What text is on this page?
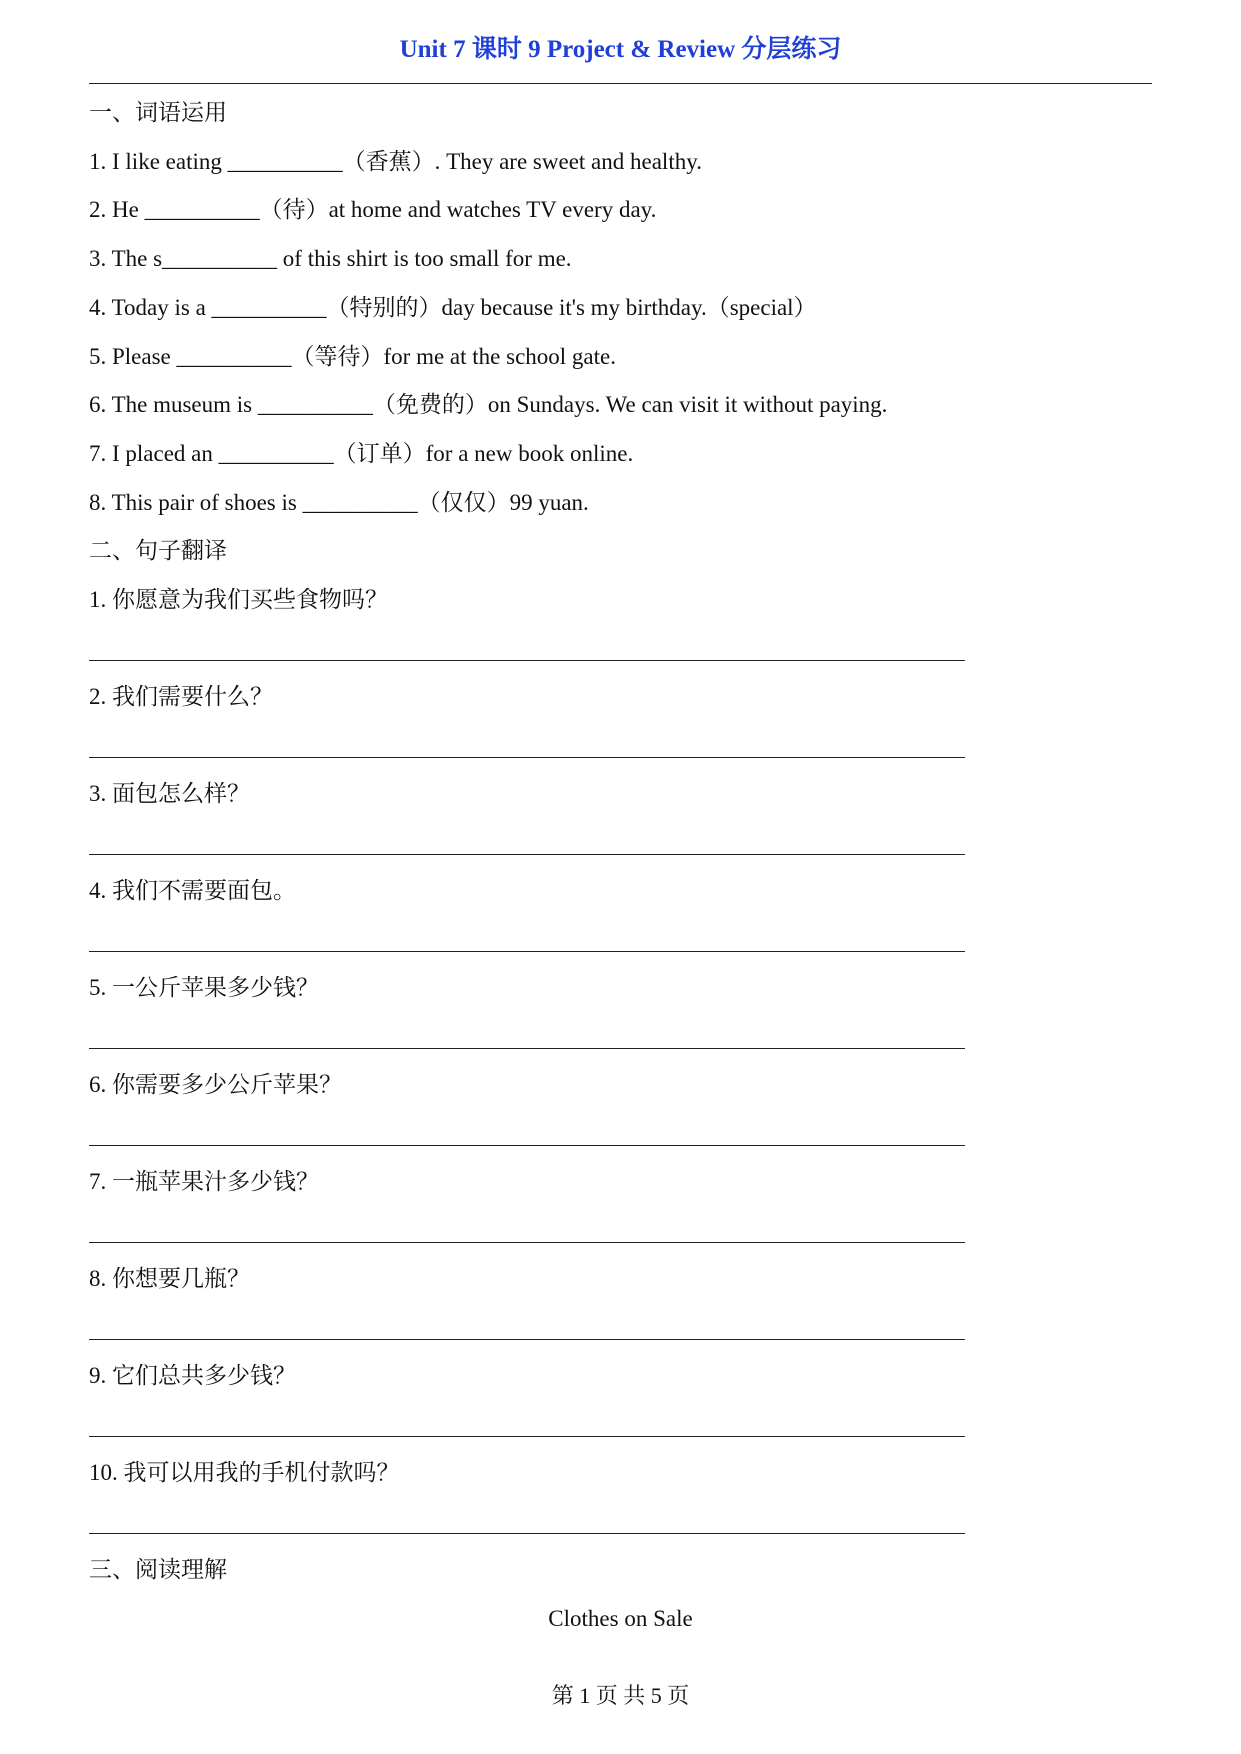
Unit 7 课时 9 Project & Review 分层练习
一、词语运用
1. I like eating __________（香蕉）. They are sweet and healthy.
2. He __________（待）at home and watches TV every day.
3. The s__________ of this shirt is too small for me.
4. Today is a __________（特别的）day because it's my birthday.（special）
5. Please __________（等待）for me at the school gate.
6. The museum is __________（免费的）on Sundays. We can visit it without paying.
7. I placed an __________（订单）for a new book online.
8. This pair of shoes is __________（仅仅）99 yuan.
二、句子翻译
1. 你愿意为我们买些食物吗？
2. 我们需要什么？
3. 面包怎么样？
4. 我们不需要面包。
5. 一公斤苹果多少钱？
6. 你需要多少公斤苹果？
7. 一瓶苹果汁多少钱？
8. 你想要几瓶？
9. 它们总共多少钱？
10. 我可以用我的手机付款吗？
三、阅读理解
Clothes on Sale
第 1 页 共 5 页
